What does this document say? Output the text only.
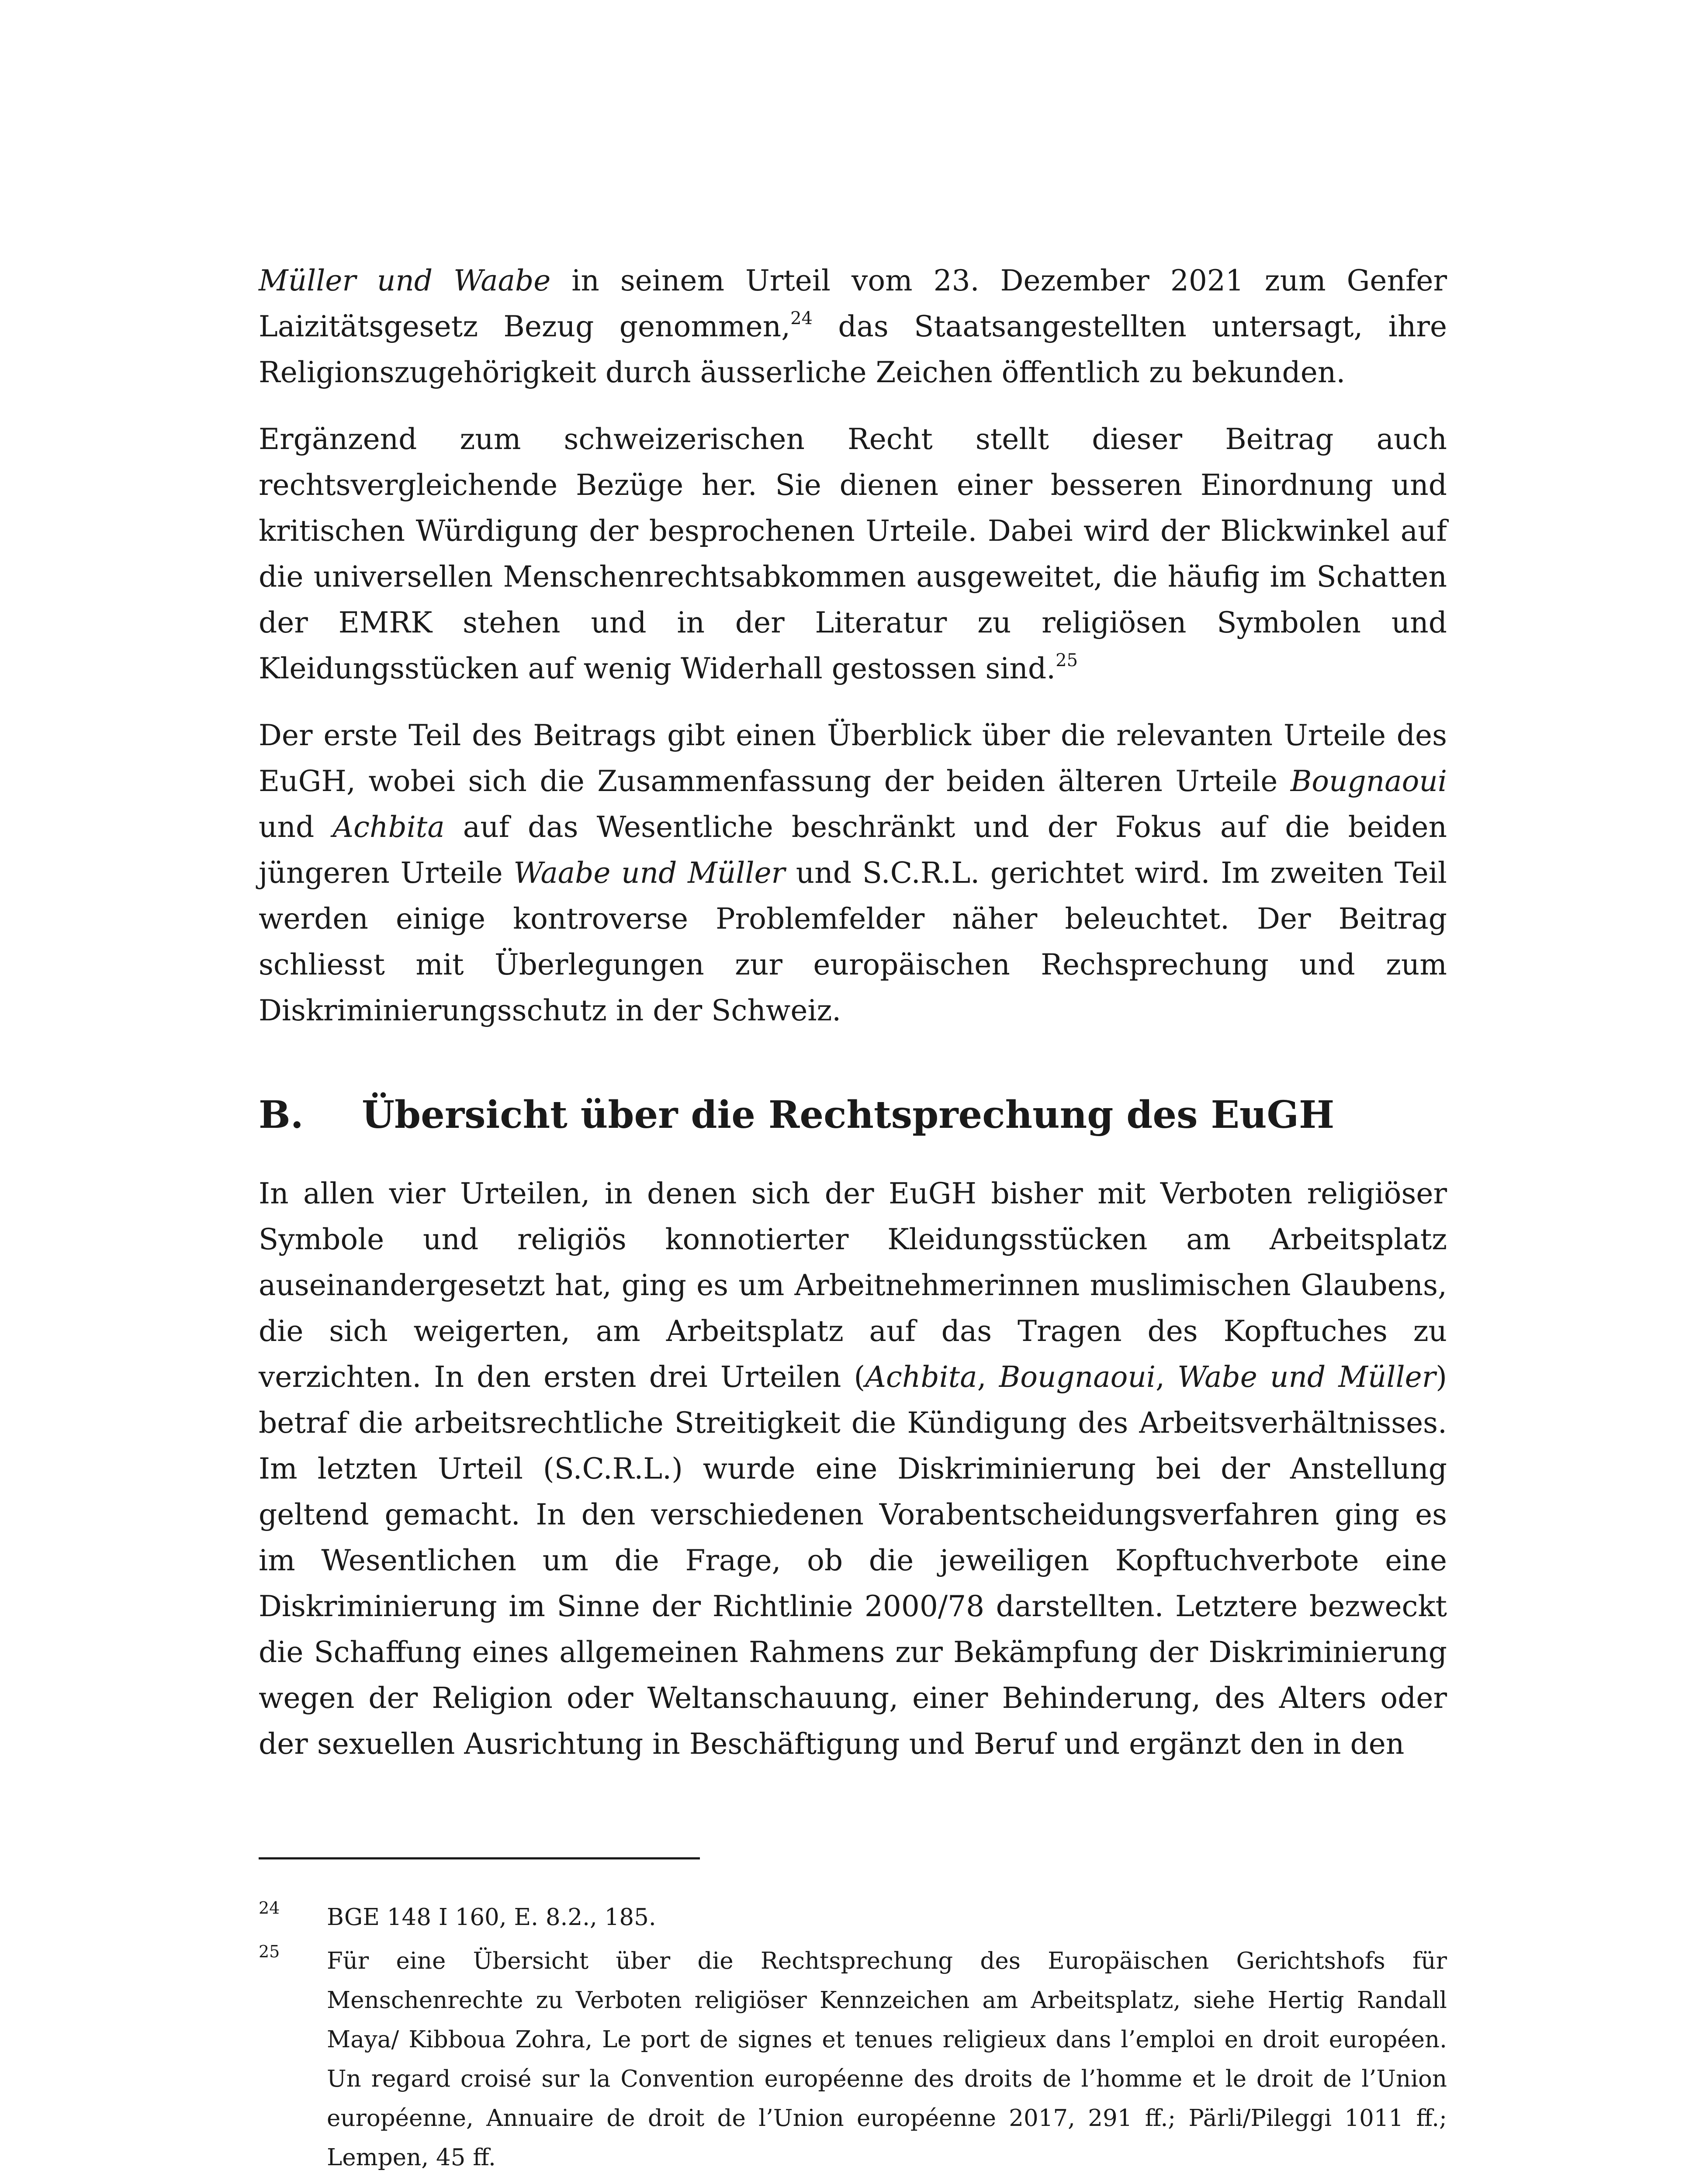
Müller und Waabe in seinem Urteil vom 23. Dezember 2021 zum Genfer Laizitätsgesetz Bezug genommen,$^{24}$ das Staatsangestellten untersagt, ihre Religionszugehörigkeit durch äusserliche Zeichen öffentlich zu bekunden.

Ergänzend zum schweizerischen Recht stellt dieser Beitrag auch rechtsvergleichende Bezüge her. Sie dienen einer besseren Einordnung und kritischen Würdigung der besprochenen Urteile. Dabei wird der Blickwinkel auf die universellen Menschenrechtsabkommen ausgeweitet, die häufig im Schatten der EMRK stehen und in der Literatur zu religiösen Symbolen und Kleidungsstücken auf wenig Widerhall gestossen sind.$^{25}$

Der erste Teil des Beitrags gibt einen Überblick über die relevanten Urteile des EuGH, wobei sich die Zusammenfassung der beiden älteren Urteile Bougnaoui und Achbita auf das Wesentliche beschränkt und der Fokus auf die beiden jüngeren Urteile Waabe und Müller und S.C.R.L. gerichtet wird. Im zweiten Teil werden einige kontroverse Problemfelder näher beleuchtet. Der Beitrag schliesst mit Überlegungen zur europäischen Rechsprechung und zum Diskriminierungsschutz in der Schweiz.

B.	Übersicht über die Rechtsprechung des EuGH

In allen vier Urteilen, in denen sich der EuGH bisher mit Verboten religiöser Symbole und religiös konnotierter Kleidungsstücken am Arbeitsplatz auseinandergesetzt hat, ging es um Arbeitnehmerinnen muslimischen Glaubens, die sich weigerten, am Arbeitsplatz auf das Tragen des Kopftuches zu verzichten. In den ersten drei Urteilen (Achbita, Bougnaoui, Wabe und Müller) betraf die arbeitsrechtliche Streitigkeit die Kündigung des Arbeitsverhältnisses. Im letzten Urteil (S.C.R.L.) wurde eine Diskriminierung bei der Anstellung geltend gemacht. In den verschiedenen Vorabentscheidungsverfahren ging es im Wesentlichen um die Frage, ob die jeweiligen Kopftuchverbote eine Diskriminierung im Sinne der Richtlinie 2000/78 darstellten. Letztere bezweckt die Schaffung eines allgemeinen Rahmens zur Bekämpfung der Diskriminierung wegen der Religion oder Weltanschauung, einer Behinderung, des Alters oder der sexuellen Ausrichtung in Beschäftigung und Beruf und ergänzt den in den

24	BGE 148 I 160, E. 8.2., 185.
25	Für eine Übersicht über die Rechtsprechung des Europäischen Gerichtshofs für Menschenrechte zu Verboten religiöser Kennzeichen am Arbeitsplatz, siehe Hertig Randall Maya/ Kibboua Zohra, Le port de signes et tenues religieux dans l’emploi en droit européen. Un regard croisé sur la Convention européenne des droits de l’homme et le droit de l’Union européenne, Annuaire de droit de l’Union européenne 2017, 291 ff.; Pärli/Pileggi 1011 ff.; Lempen, 45 ff.
